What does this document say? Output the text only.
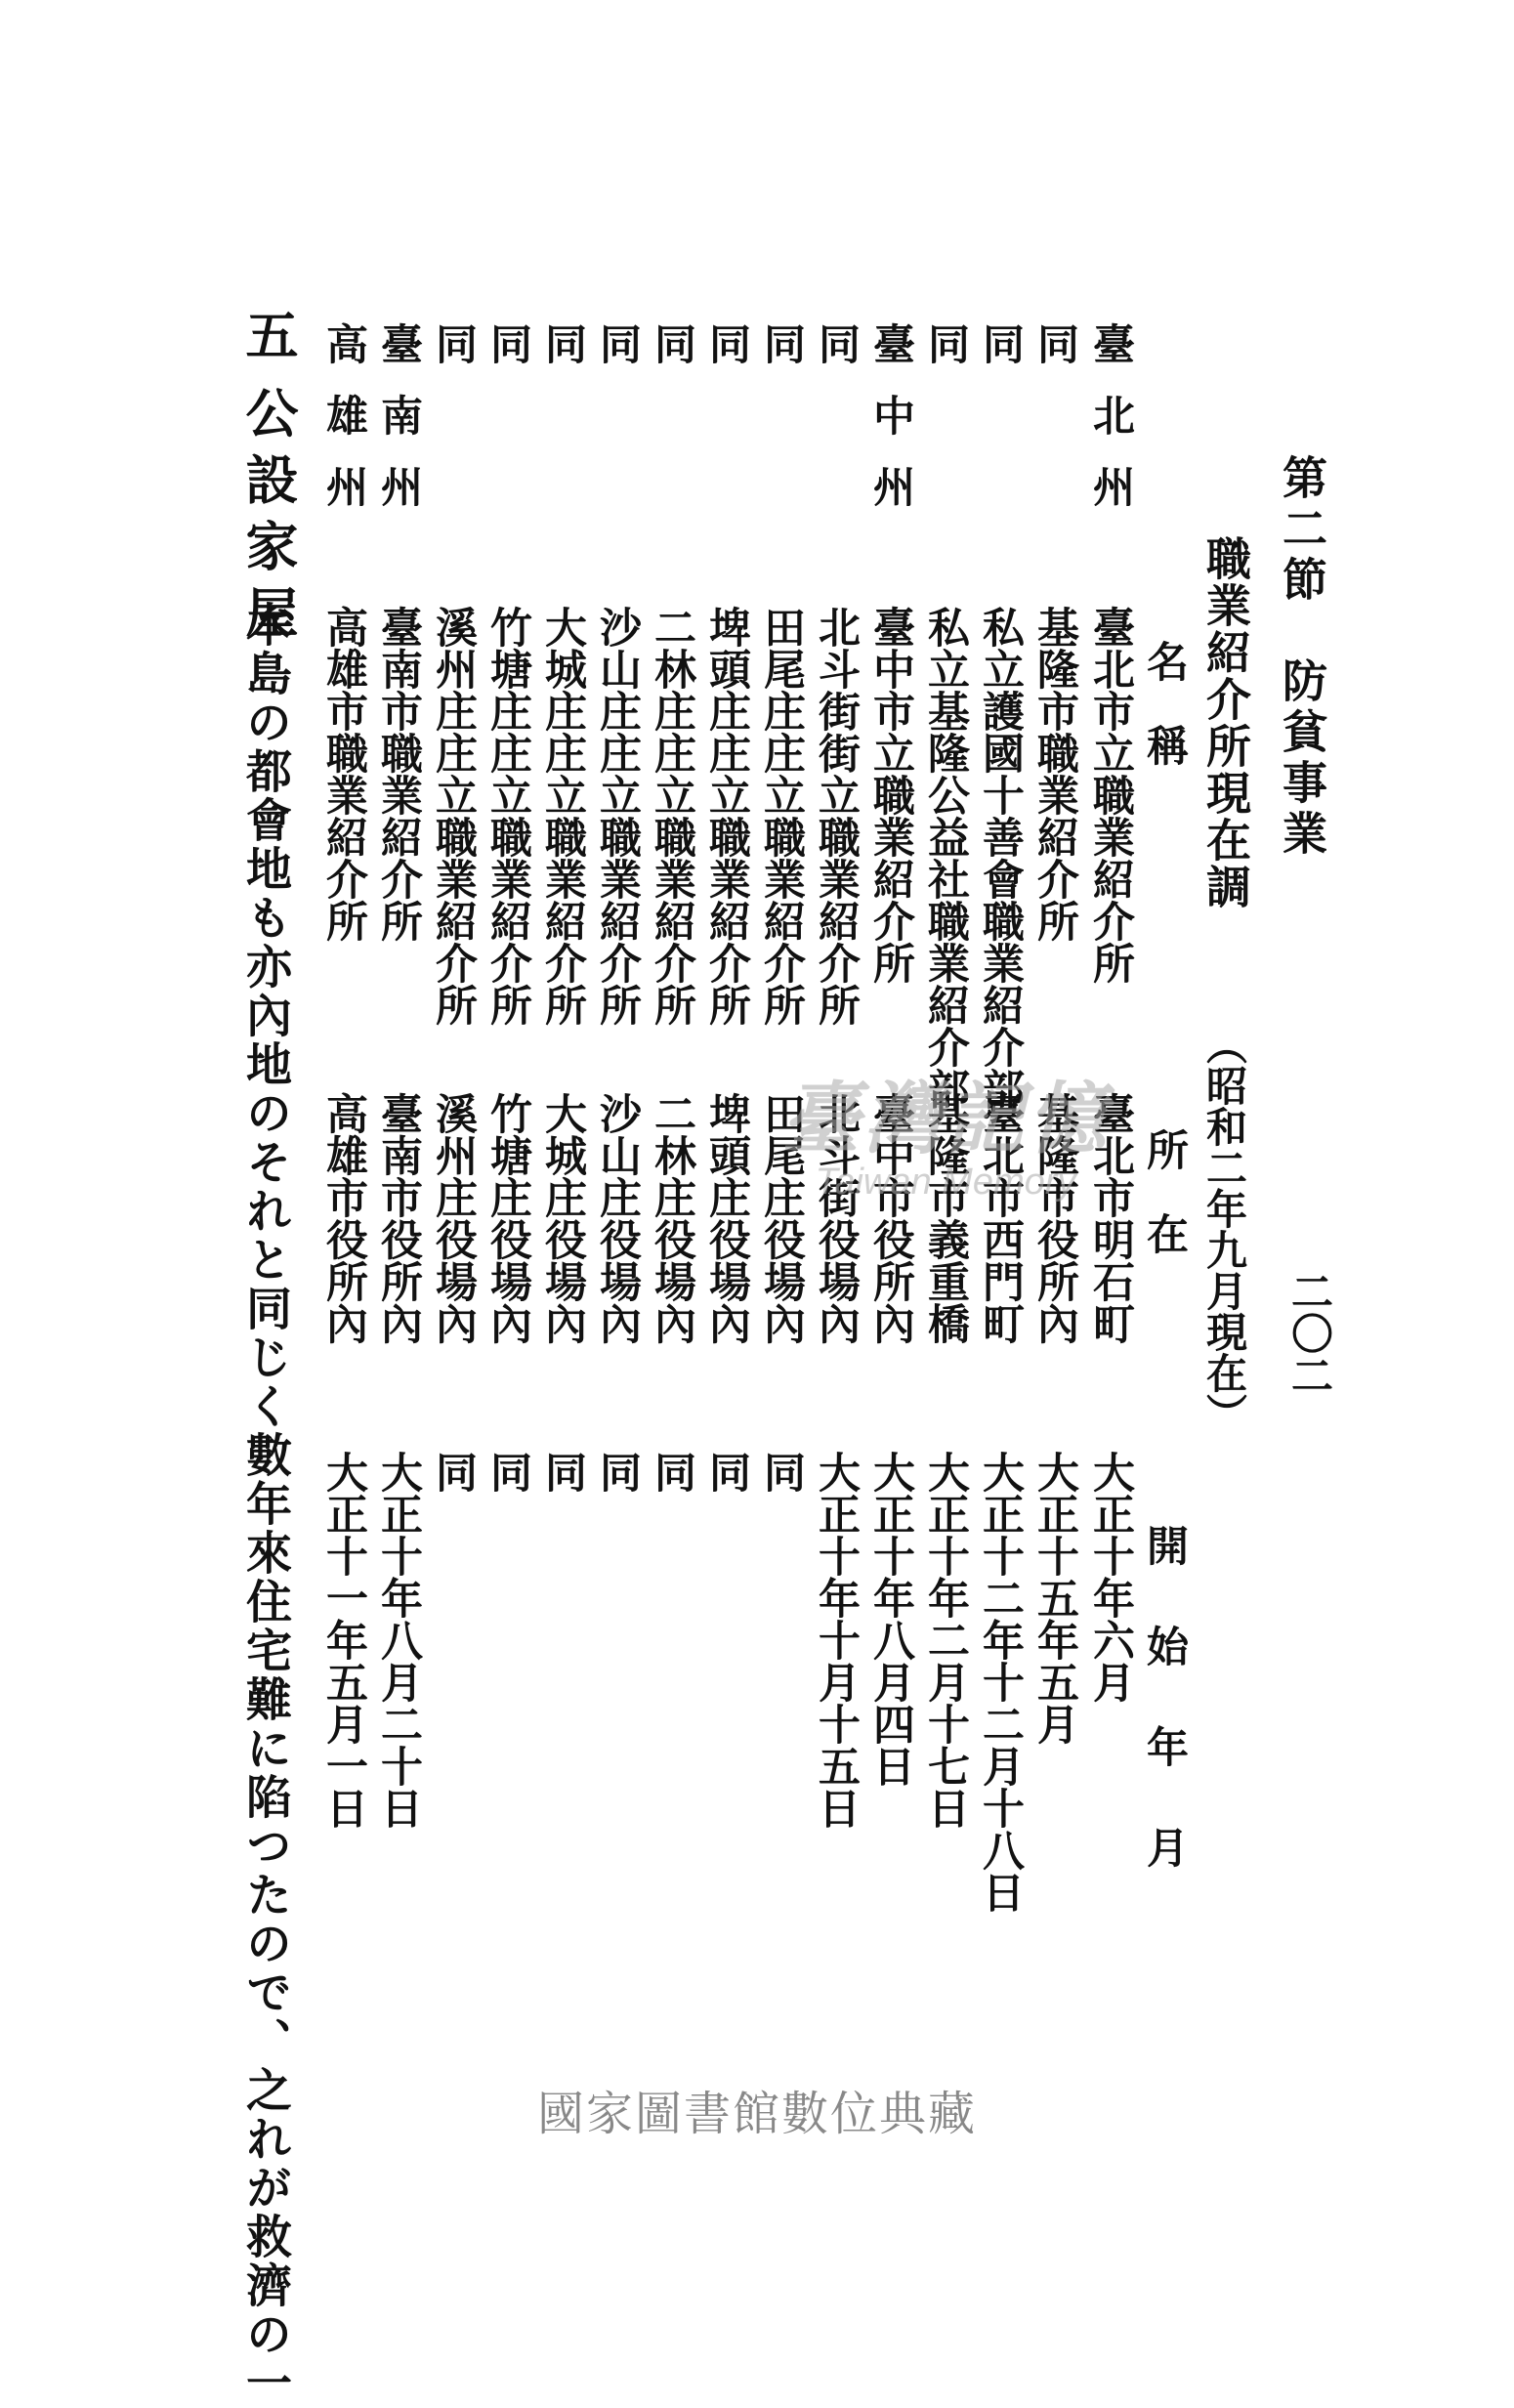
二〇二
第二節　防貧事業
職業紹介所現在調
（昭和二年九月現在）
名　稱
所　在
開 始 年 月
臺北州
臺北市立職業紹介所
臺北市明石町
大正十年六月
同
基隆市職業紹介所
基隆市役所內
大正十五年五月
同
私立護國十善會職業紹介部
臺北市西門町
大正十二年十二月十八日
同
私立基隆公益社職業紹介部
基隆市義重橋
大正十年二月十七日
臺中州
臺中市立職業紹介所
臺中市役所內
大正十年八月四日
同
北斗街街立職業紹介所
北斗街役場內
大正十年十月十五日
同
田尾庄庄立職業紹介所
田尾庄役場內
同
同
埤頭庄庄立職業紹介所
埤頭庄役場內
同
同
二林庄庄立職業紹介所
二林庄役場內
同
同
沙山庄庄立職業紹介所
沙山庄役場內
同
同
大城庄庄立職業紹介所
大城庄役場內
同
同
竹塘庄庄立職業紹介所
竹塘庄役場內
同
同
溪州庄庄立職業紹介所
溪州庄役場內
同
臺南州
臺南市職業紹介所
臺南市役所內
大正十年八月二十日
高雄州
高雄市職業紹介所
高雄市役所內
大正十一年五月一日
五
公設家屋
本島の都會地も亦內地のそれと同じく數年來住宅難に陷つたので、之れが救濟の一	臺灣記憶
Taiwan Memory
國家圖書館數位典藏
